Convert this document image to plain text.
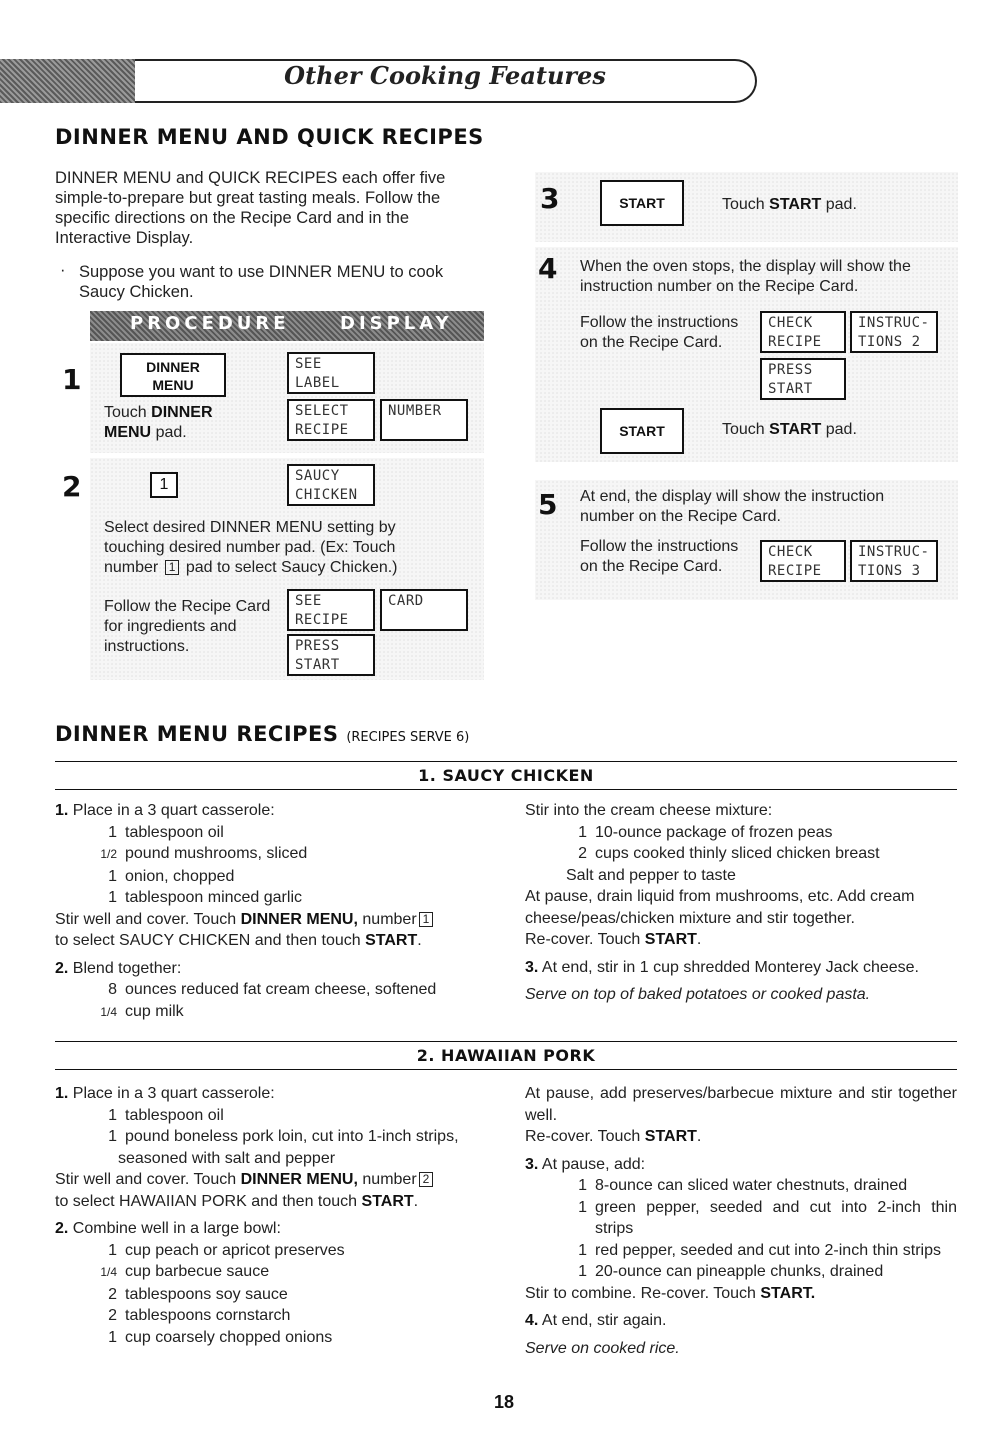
Other Cooking Features
DINNER MENU AND QUICK RECIPES
DINNER MENU and QUICK RECIPES each offer five simple-to-prepare but great tasting meals. Follow the specific directions on the Recipe Card and in the Interactive Display.
· Suppose you want to use DINNER MENU to cook Saucy Chicken.
PROCEDURE	DISPLAY
1	DINNER
MENU
Touch DINNER
MENU pad.
SEE
LABEL
SELECT
RECIPE
NUMBER
2	1	SAUCY
CHICKEN
Select desired DINNER MENU setting by touching desired number pad. (Ex: Touch number 1 pad to select Saucy Chicken.)
Follow the Recipe Card for ingredients and instructions.
SEE
RECIPE
CARD
PRESS
START
3	START	Touch START pad.
4 When the oven stops, the display will show the instruction number on the Recipe Card.
Follow the instructions on the Recipe Card.
CHECK
RECIPE
INSTRUC-
TIONS 2
PRESS
START
START	Touch START pad.
5 At end, the display will show the instruction number on the Recipe Card.
Follow the instructions on the Recipe Card.
CHECK
RECIPE
INSTRUC-
TIONS 3
DINNER MENU RECIPES (RECIPES SERVE 6)
1. SAUCY CHICKEN
1. Place in a 3 quart casserole:
1 tablespoon oil
1/2 pound mushrooms, sliced
1 onion, chopped
1 tablespoon minced garlic
Stir well and cover. Touch DINNER MENU, number 1
to select SAUCY CHICKEN and then touch START.
2. Blend together:
8 ounces reduced fat cream cheese, softened
1/4 cup milk
Stir into the cream cheese mixture:
1 10-ounce package of frozen peas
2 cups cooked thinly sliced chicken breast
Salt and pepper to taste
At pause, drain liquid from mushrooms, etc. Add cream cheese/peas/chicken mixture and stir together.
Re-cover. Touch START.
3. At end, stir in 1 cup shredded Monterey Jack cheese.
Serve on top of baked potatoes or cooked pasta.
2. HAWAIIAN PORK
1. Place in a 3 quart casserole:
1 tablespoon oil
1 pound boneless pork loin, cut into 1-inch strips,
seasoned with salt and pepper
Stir well and cover. Touch DINNER MENU, number 2
to select HAWAIIAN PORK and then touch START.
2. Combine well in a large bowl:
1 cup peach or apricot preserves
1/4 cup barbecue sauce
2 tablespoons soy sauce
2 tablespoons cornstarch
1 cup coarsely chopped onions
At pause, add preserves/barbecue mixture and stir together well.
Re-cover. Touch START.
3. At pause, add:
1 8-ounce can sliced water chestnuts, drained
1 green pepper, seeded and cut into 2-inch thin strips
1 red pepper, seeded and cut into 2-inch thin strips
1 20-ounce can pineapple chunks, drained
Stir to combine. Re-cover. Touch START.
4. At end, stir again.
Serve on cooked rice.
18
